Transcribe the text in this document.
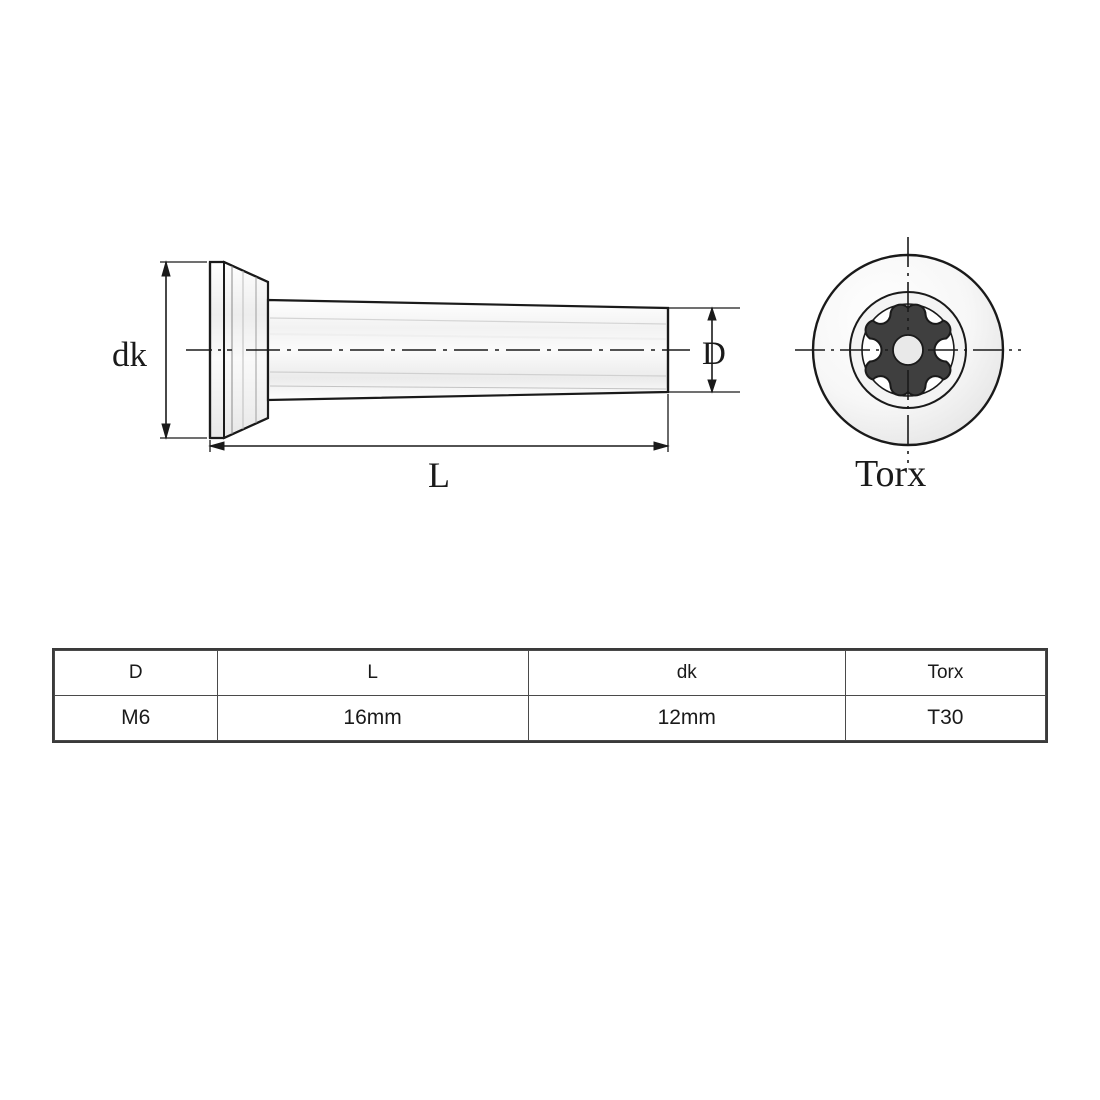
dk	D
L	Torx
D	L	dk	Torx
M6	16mm	12mm	T30
